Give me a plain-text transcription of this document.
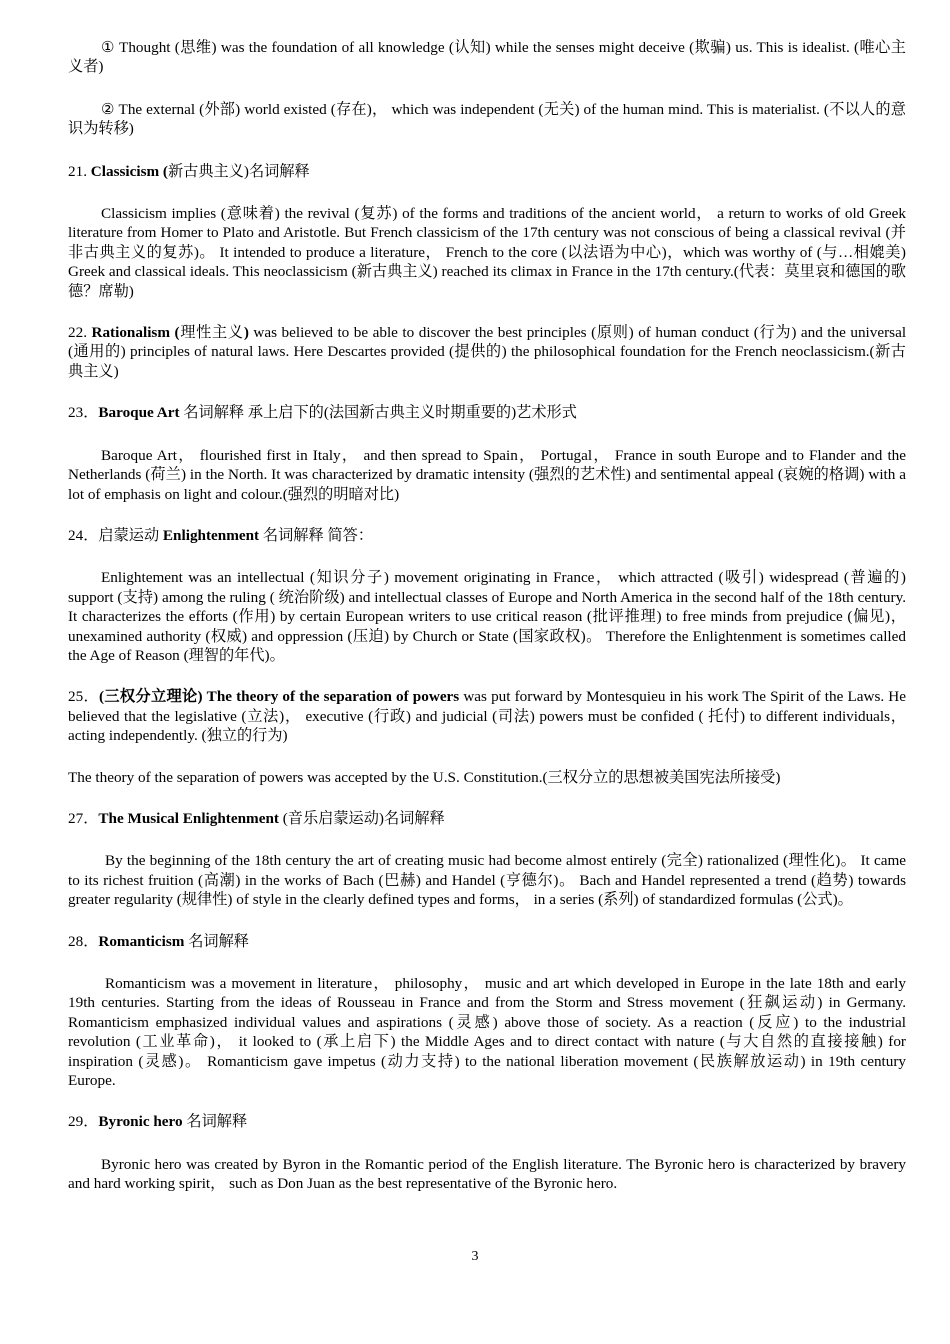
① Thought (思维) was the foundation of all knowledge (认知) while the senses might deceive (欺骗) us. This is idealist. (唯心主义者)

② The external (外部) world existed (存在)， which was independent (无关) of the human mind. This is materialist. (不以人的意识为转移)

21. Classicism (新古典主义)名词解释

Classicism implies (意味着) the revival (复苏) of the forms and traditions of the ancient world， a return to works of old Greek literature from Homer to Plato and Aristotle. But French classicism of the 17th century was not conscious of being a classical revival (并非古典主义的复苏)。 It intended to produce a literature， French to the core (以法语为中心)，which was worthy of (与…相媲美) Greek and classical ideals. This neoclassicism (新古典主义) reached its climax in France in the 17th century.(代表：莫里哀和德国的歌德？席勒)

22. Rationalism (理性主义) was believed to be able to discover the best principles (原则) of human conduct (行为) and the universal (通用的) principles of natural laws. Here Descartes provided (提供的) the philosophical foundation for the French neoclassicism.(新古典主义)

23．Baroque Art 名词解释 承上启下的(法国新古典主义时期重要的)艺术形式

Baroque Art， flourished first in Italy， and then spread to Spain， Portugal， France in south Europe and to Flander and the Netherlands (荷兰) in the North. It was characterized by dramatic intensity (强烈的艺术性) and sentimental appeal (哀婉的格调) with a lot of emphasis on light and colour.(强烈的明暗对比)

24．启蒙运动 Enlightenment 名词解释 简答：

Enlightement was an intellectual (知识分子) movement originating in France， which attracted (吸引) widespread (普遍的) support (支持) among the ruling ( 统治阶级) and intellectual classes of Europe and North America in the second half of the 18th century. It characterizes the efforts (作用) by certain European writers to use critical reason (批评推理) to free minds from prejudice (偏见)， unexamined authority (权威) and oppression (压迫) by Church or State (国家政权)。 Therefore the Enlightenment is sometimes called the Age of Reason (理智的年代)。

25．(三权分立理论) The theory of the separation of powers was put forward by Montesquieu in his work The Spirit of the Laws. He believed that the legislative (立法)， executive (行政) and judicial (司法) powers must be confided ( 托付) to different individuals， acting independently. (独立的行为)

The theory of the separation of powers was accepted by the U.S. Constitution.(三权分立的思想被美国宪法所接受)

27．The Musical Enlightenment (音乐启蒙运动)名词解释

By the beginning of the 18th century the art of creating music had become almost entirely (完全) rationalized (理性化)。 It came to its richest fruition (高潮) in the works of Bach (巴赫) and Handel (亨德尔)。 Bach and Handel represented a trend (趋势) towards greater regularity (规律性) of style in the clearly defined types and forms， in a series (系列) of standardized formulas (公式)。

28．Romanticism 名词解释

Romanticism was a movement in literature， philosophy， music and art which developed in Europe in the late 18th and early 19th centuries. Starting from the ideas of Rousseau in France and from the Storm and Stress movement (狂飙运动) in Germany. Romanticism emphasized individual values and aspirations (灵感) above those of society. As a reaction (反应) to the industrial revolution (工业革命)， it looked to (承上启下) the Middle Ages and to direct contact with nature (与大自然的直接接触) for inspiration (灵感)。 Romanticism gave impetus (动力支持) to the national liberation movement (民族解放运动) in 19th century Europe.

29．Byronic hero 名词解释

Byronic hero was created by Byron in the Romantic period of the English literature. The Byronic hero is characterized by bravery and hard working spirit， such as Don Juan as the best representative of the Byronic hero.

3
